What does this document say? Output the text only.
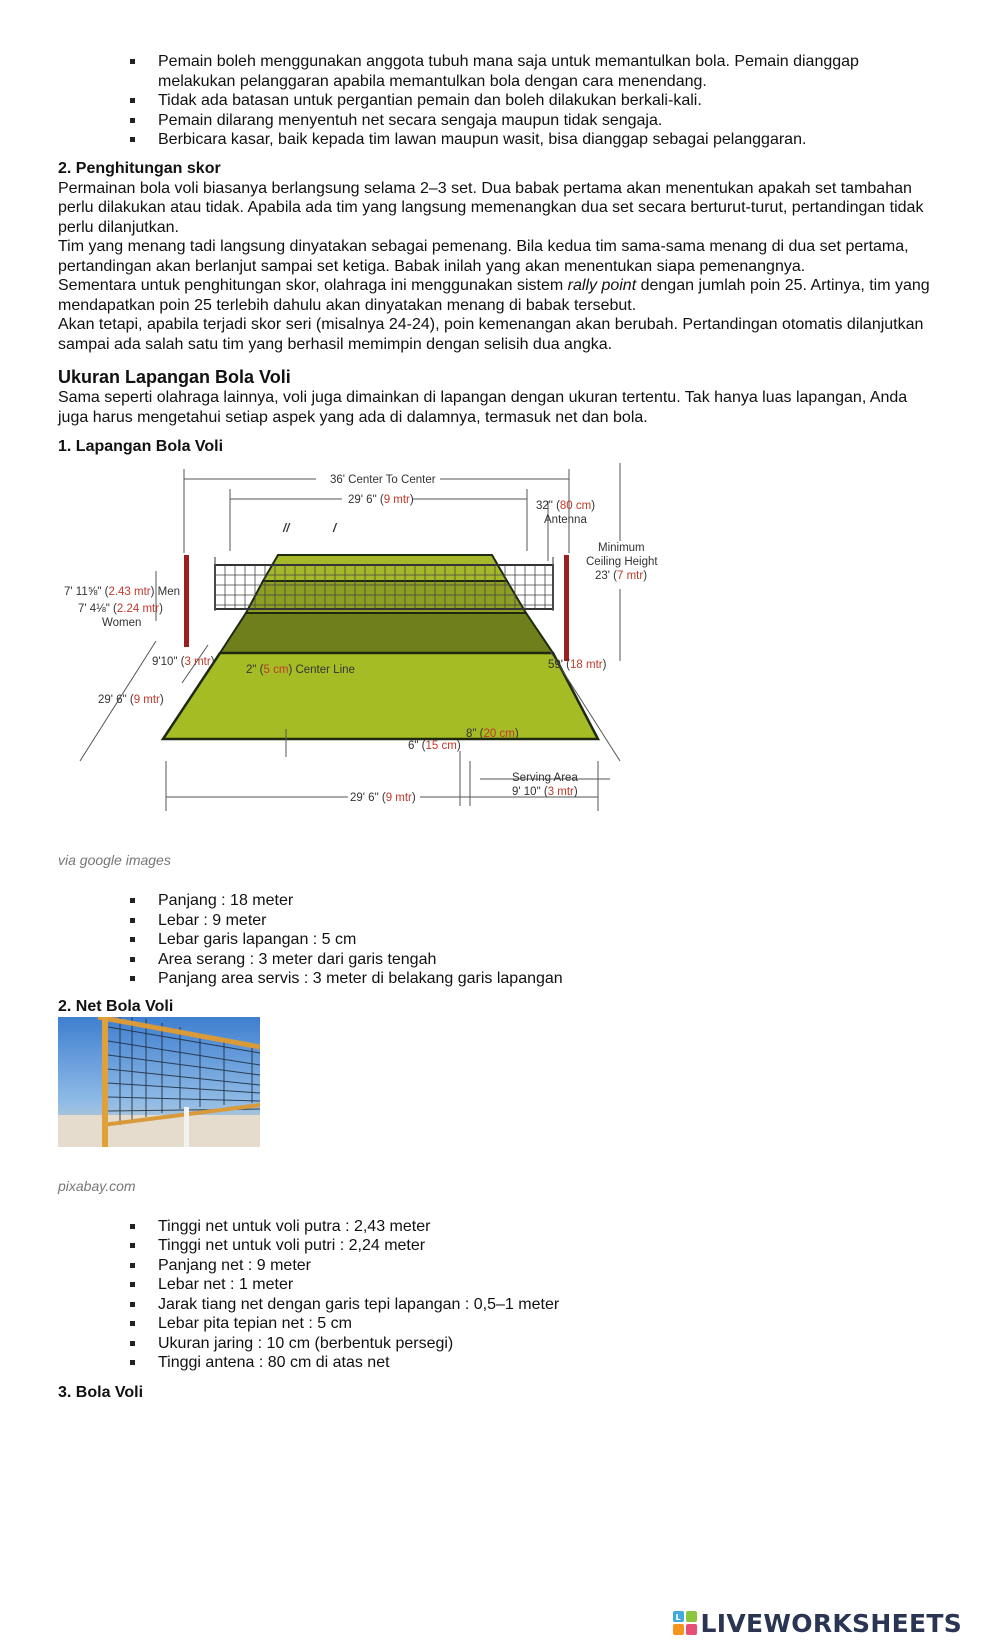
Pemain boleh menggunakan anggota tubuh mana saja untuk memantulkan bola. Pemain dianggap melakukan pelanggaran apabila memantulkan bola dengan cara menendang.
Tidak ada batasan untuk pergantian pemain dan boleh dilakukan berkali-kali.
Pemain dilarang menyentuh net secara sengaja maupun tidak sengaja.
Berbicara kasar, baik kepada tim lawan maupun wasit, bisa dianggap sebagai pelanggaran.

2. Penghitungan skor

Permainan bola voli biasanya berlangsung selama 2–3 set. Dua babak pertama akan menentukan apakah set tambahan perlu dilakukan atau tidak. Apabila ada tim yang langsung memenangkan dua set secara berturut-turut, pertandingan tidak perlu dilanjutkan.

Tim yang menang tadi langsung dinyatakan sebagai pemenang. Bila kedua tim sama-sama menang di dua set pertama, pertandingan akan berlanjut sampai set ketiga. Babak inilah yang akan menentukan siapa pemenangnya.

Sementara untuk penghitungan skor, olahraga ini menggunakan sistem rally point dengan jumlah poin 25. Artinya, tim yang mendapatkan poin 25 terlebih dahulu akan dinyatakan menang di babak tersebut.

Akan tetapi, apabila terjadi skor seri (misalnya 24-24), poin kemenangan akan berubah. Pertandingan otomatis dilanjutkan sampai ada salah satu tim yang berhasil memimpin dengan selisih dua angka.

Ukuran Lapangan Bola Voli

Sama seperti olahraga lainnya, voli juga dimainkan di lapangan dengan ukuran tertentu. Tak hanya luas lapangan, Anda juga harus mengetahui setiap aspek yang ada di dalamnya, termasuk net dan bola.

1. Lapangan Bola Voli

//	/
36' Center To Center
29' 6" (9 mtr)	32" (80 cm)
Antenna
Minimum
Ceiling Height
23' (7 mtr)
7' 11⅝" (2.43 mtr) Men
7' 4⅛" (2.24 mtr)
Women
9'10" (3 mtr)
2" (5 cm) Center Line	59' (18 mtr)
29' 6" (9 mtr)
8" (20 cm)
6" (15 cm)
Serving Area
9' 10" (3 mtr)
29' 6" (9 mtr)
via google images
Panjang : 18 meter
Lebar : 9 meter
Lebar garis lapangan : 5 cm
Area serang : 3 meter dari garis tengah
Panjang area servis : 3 meter di belakang garis lapangan

2. Net Bola Voli

pixabay.com
Tinggi net untuk voli putra : 2,43 meter
Tinggi net untuk voli putri : 2,24 meter
Panjang net : 9 meter
Lebar net : 1 meter
Jarak tiang net dengan garis tepi lapangan : 0,5–1 meter
Lebar pita tepian net : 5 cm
Ukuran jaring : 10 cm (berbentuk persegi)
Tinggi antena : 80 cm di atas net

3. Bola Voli

L LIVEWORKSHEETS
